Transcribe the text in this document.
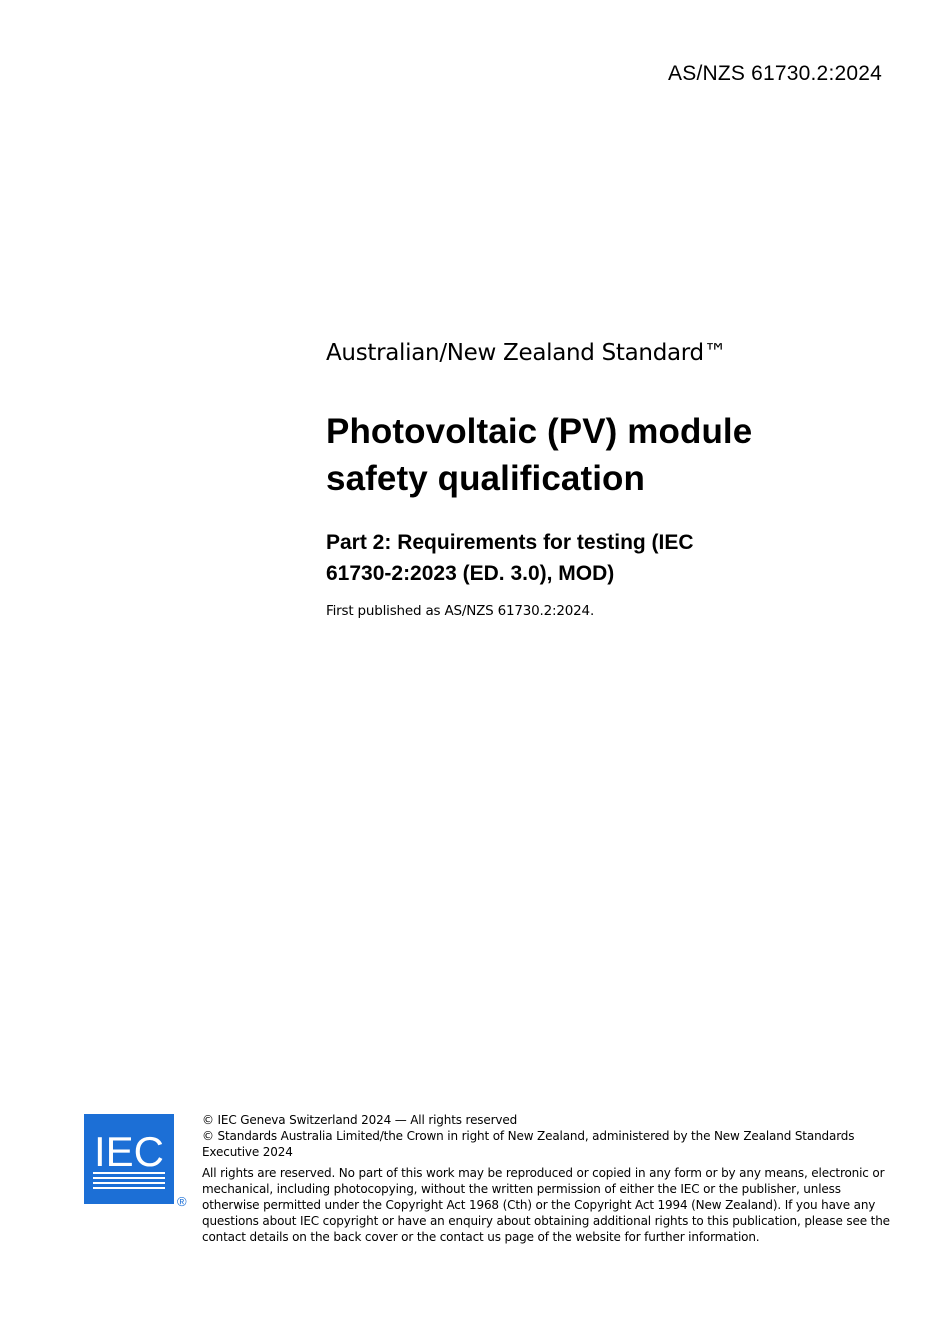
AS/NZS 61730.2:2024

Australian/New Zealand Standard™

Photovoltaic (PV) module
safety qualification
Part 2: Requirements for testing (IEC
61730-2:2023 (ED. 3.0), MOD)

First published as AS/NZS 61730.2:2024.

IEC
®

© IEC Geneva Switzerland 2024 — All rights reserved

© Standards Australia Limited/the Crown in right of New Zealand, administered by the New Zealand Standards Executive 2024

All rights are reserved. No part of this work may be reproduced or copied in any form or by any means, electronic or mechanical, including photocopying, without the written permission of either the IEC or the publisher, unless otherwise permitted under the Copyright Act 1968 (Cth) or the Copyright Act 1994 (New Zealand). If you have any questions about IEC copyright or have an enquiry about obtaining additional rights to this publication, please see the contact details on the back cover or the contact us page of the website for further information.
